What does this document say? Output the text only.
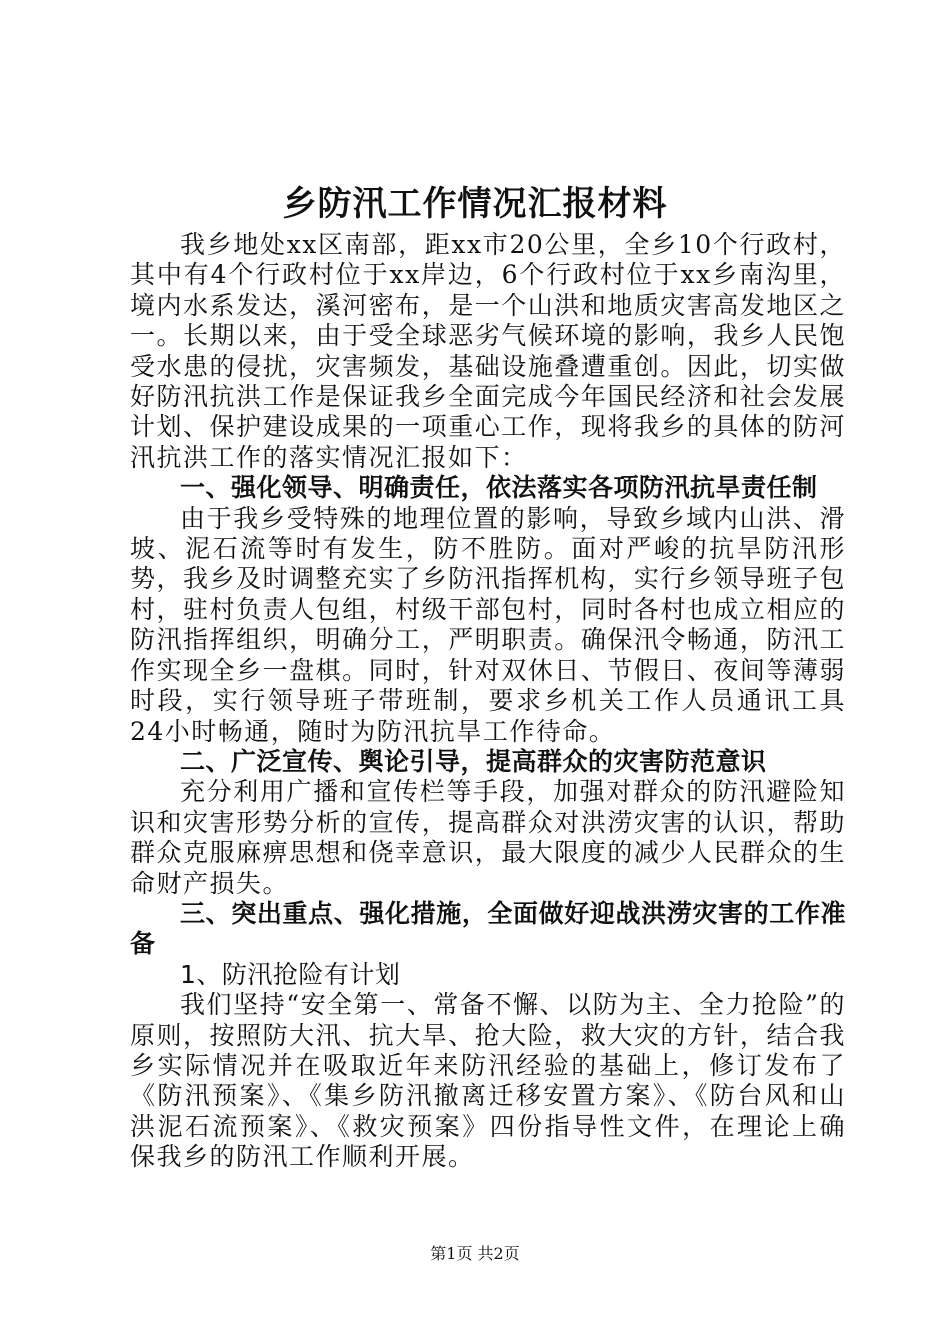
乡防汛工作情况汇报材料

我乡地处xx区南部，距xx市20公里，全乡10个行政村，其中有4个行政村位于xx岸边，6个行政村位于xx乡南沟里，境内水系发达，溪河密布，是一个山洪和地质灾害高发地区之一。长期以来，由于受全球恶劣气候环境的影响，我乡人民饱受水患的侵扰，灾害频发，基础设施叠遭重创。因此，切实做好防汛抗洪工作是保证我乡全面完成今年国民经济和社会发展计划、保护建设成果的一项重心工作，现将我乡的具体的防河汛抗洪工作的落实情况汇报如下：

一、强化领导、明确责任，依法落实各项防汛抗旱责任制

由于我乡受特殊的地理位置的影响，导致乡域内山洪、滑坡、泥石流等时有发生，防不胜防。面对严峻的抗旱防汛形势，我乡及时调整充实了乡防汛指挥机构，实行乡领导班子包村，驻村负责人包组，村级干部包村，同时各村也成立相应的防汛指挥组织，明确分工，严明职责。确保汛令畅通，防汛工作实现全乡一盘棋。同时，针对双休日、节假日、夜间等薄弱时段，实行领导班子带班制，要求乡机关工作人员通讯工具24小时畅通，随时为防汛抗旱工作待命。

二、广泛宣传、舆论引导，提高群众的灾害防范意识

充分利用广播和宣传栏等手段，加强对群众的防汛避险知识和灾害形势分析的宣传，提高群众对洪涝灾害的认识，帮助群众克服麻痹思想和侥幸意识，最大限度的减少人民群众的生命财产损失。

三、突出重点、强化措施，全面做好迎战洪涝灾害的工作准备

1、防汛抢险有计划

我们坚持“安全第一、常备不懈、以防为主、全力抢险”的原则，按照防大汛、抗大旱、抢大险，救大灾的方针，结合我乡实际情况并在吸取近年来防汛经验的基础上，修订发布了《防汛预案》、《集乡防汛撤离迁移安置方案》、《防台风和山洪泥石流预案》、《救灾预案》四份指导性文件，在理论上确保我乡的防汛工作顺利开展。

第1页 共2页
